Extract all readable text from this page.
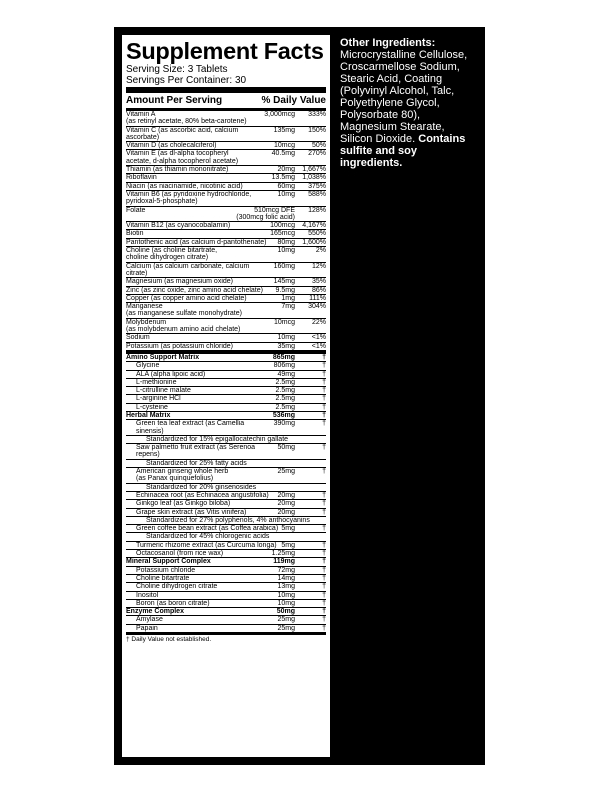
Supplement Facts
Serving Size: 3 Tablets
Servings Per Container: 30
Amount Per Serving	% Daily Value
Vitamin A
(as retinyl acetate, 80% beta-carotene)
3,000mcg	333%
Vitamin C (as ascorbic acid, calcium ascorbate)
135mg	150%
Vitamin D (as cholecalciferol)	10mcg	50%
Vitamin E (as dl-alpha tocopheryl
acetate, d-alpha tocopherol acetate)
40.5mg	270%
Thiamin (as thiamin mononitrate)	20mg	1,667%
Riboflavin	13.5mg	1,038%
Niacin (as niacinamide, nicotinic acid)	60mg	375%
Vitamin B6 (as pyridoxine hydrochloride,
pyridoxal-5-phosphate)
10mg	588%
Folate	510mcg DFE
(300mcg folic acid)
128%
Vitamin B12 (as cyanocobalamin)	100mcg	4,167%
Biotin	165mcg	550%
Pantothenic acid (as calcium d-pantothenate)	80mg	1,600%
Choline (as choline bitartrate,
choline dihydrogen citrate)
10mg	2%
Calcium (as calcium carbonate, calcium citrate)
160mg	12%
Magnesium (as magnesium oxide)	145mg	35%
Zinc (as zinc oxide, zinc amino acid chelate)	9.5mg	86%
Copper (as copper amino acid chelate)	1mg	111%
Manganese
(as manganese sulfate monohydrate)
7mg	304%
Molybdenum
(as molybdenum amino acid chelate)
10mcg	22%
Sodium	10mg	<1%
Potassium (as potassium chloride)	35mg	<1%
Amino Support Matrix	865mg	†
Glycine	806mg	†
ALA (alpha lipoic acid)	49mg	†
L-methionine	2.5mg	†
L-citrulline malate	2.5mg	†
L-arginine HCl	2.5mg	†
L-cysteine	2.5mg	†
Herbal Matrix	536mg	†
Green tea leaf extract (as Camellia sinensis)
390mg	†
Standardized for 15% epigallocatechin gallate
Saw palmetto fruit extract (as Serenoa repens)
50mg	†
Standardized for 25% fatty acids
American ginseng whole herb
(as Panax quinquefolius)
25mg	†
Standardized for 20% ginsenosides
Echinacea root (as Echinacea angustifolia)	20mg	†
Ginkgo leaf (as Ginkgo biloba)	20mg	†
Grape skin extract (as Vitis vinifera)	20mg	†
Standardized for 27% polyphenols, 4% anthocyanins
Green coffee bean extract (as Coffea arabica) 5mg	†
Standardized for 45% chlorogenic acids
Turmeric rhizome extract (as Curcuma longa) 5mg	†
Octacosanol (from rice wax)	1.25mg	†
Mineral Support Complex	119mg	†
Potassium chloride	72mg	†
Choline bitartrate	14mg	†
Choline dihydrogen citrate	13mg	†
Inositol	10mg	†
Boron (as boron citrate)	10mg	†
Enzyme Complex	50mg	†
Amylase	25mg	†
Papain	25mg	†
† Daily Value not established.
Other Ingredients:
Microcrystalline Cellulose, Croscarmellose Sodium, Stearic Acid, Coating (Polyvinyl Alcohol, Talc, Polyethylene Glycol, Polysorbate 80), Magnesium Stearate, Silicon Dioxide. Contains sulfite and soy ingredients.
